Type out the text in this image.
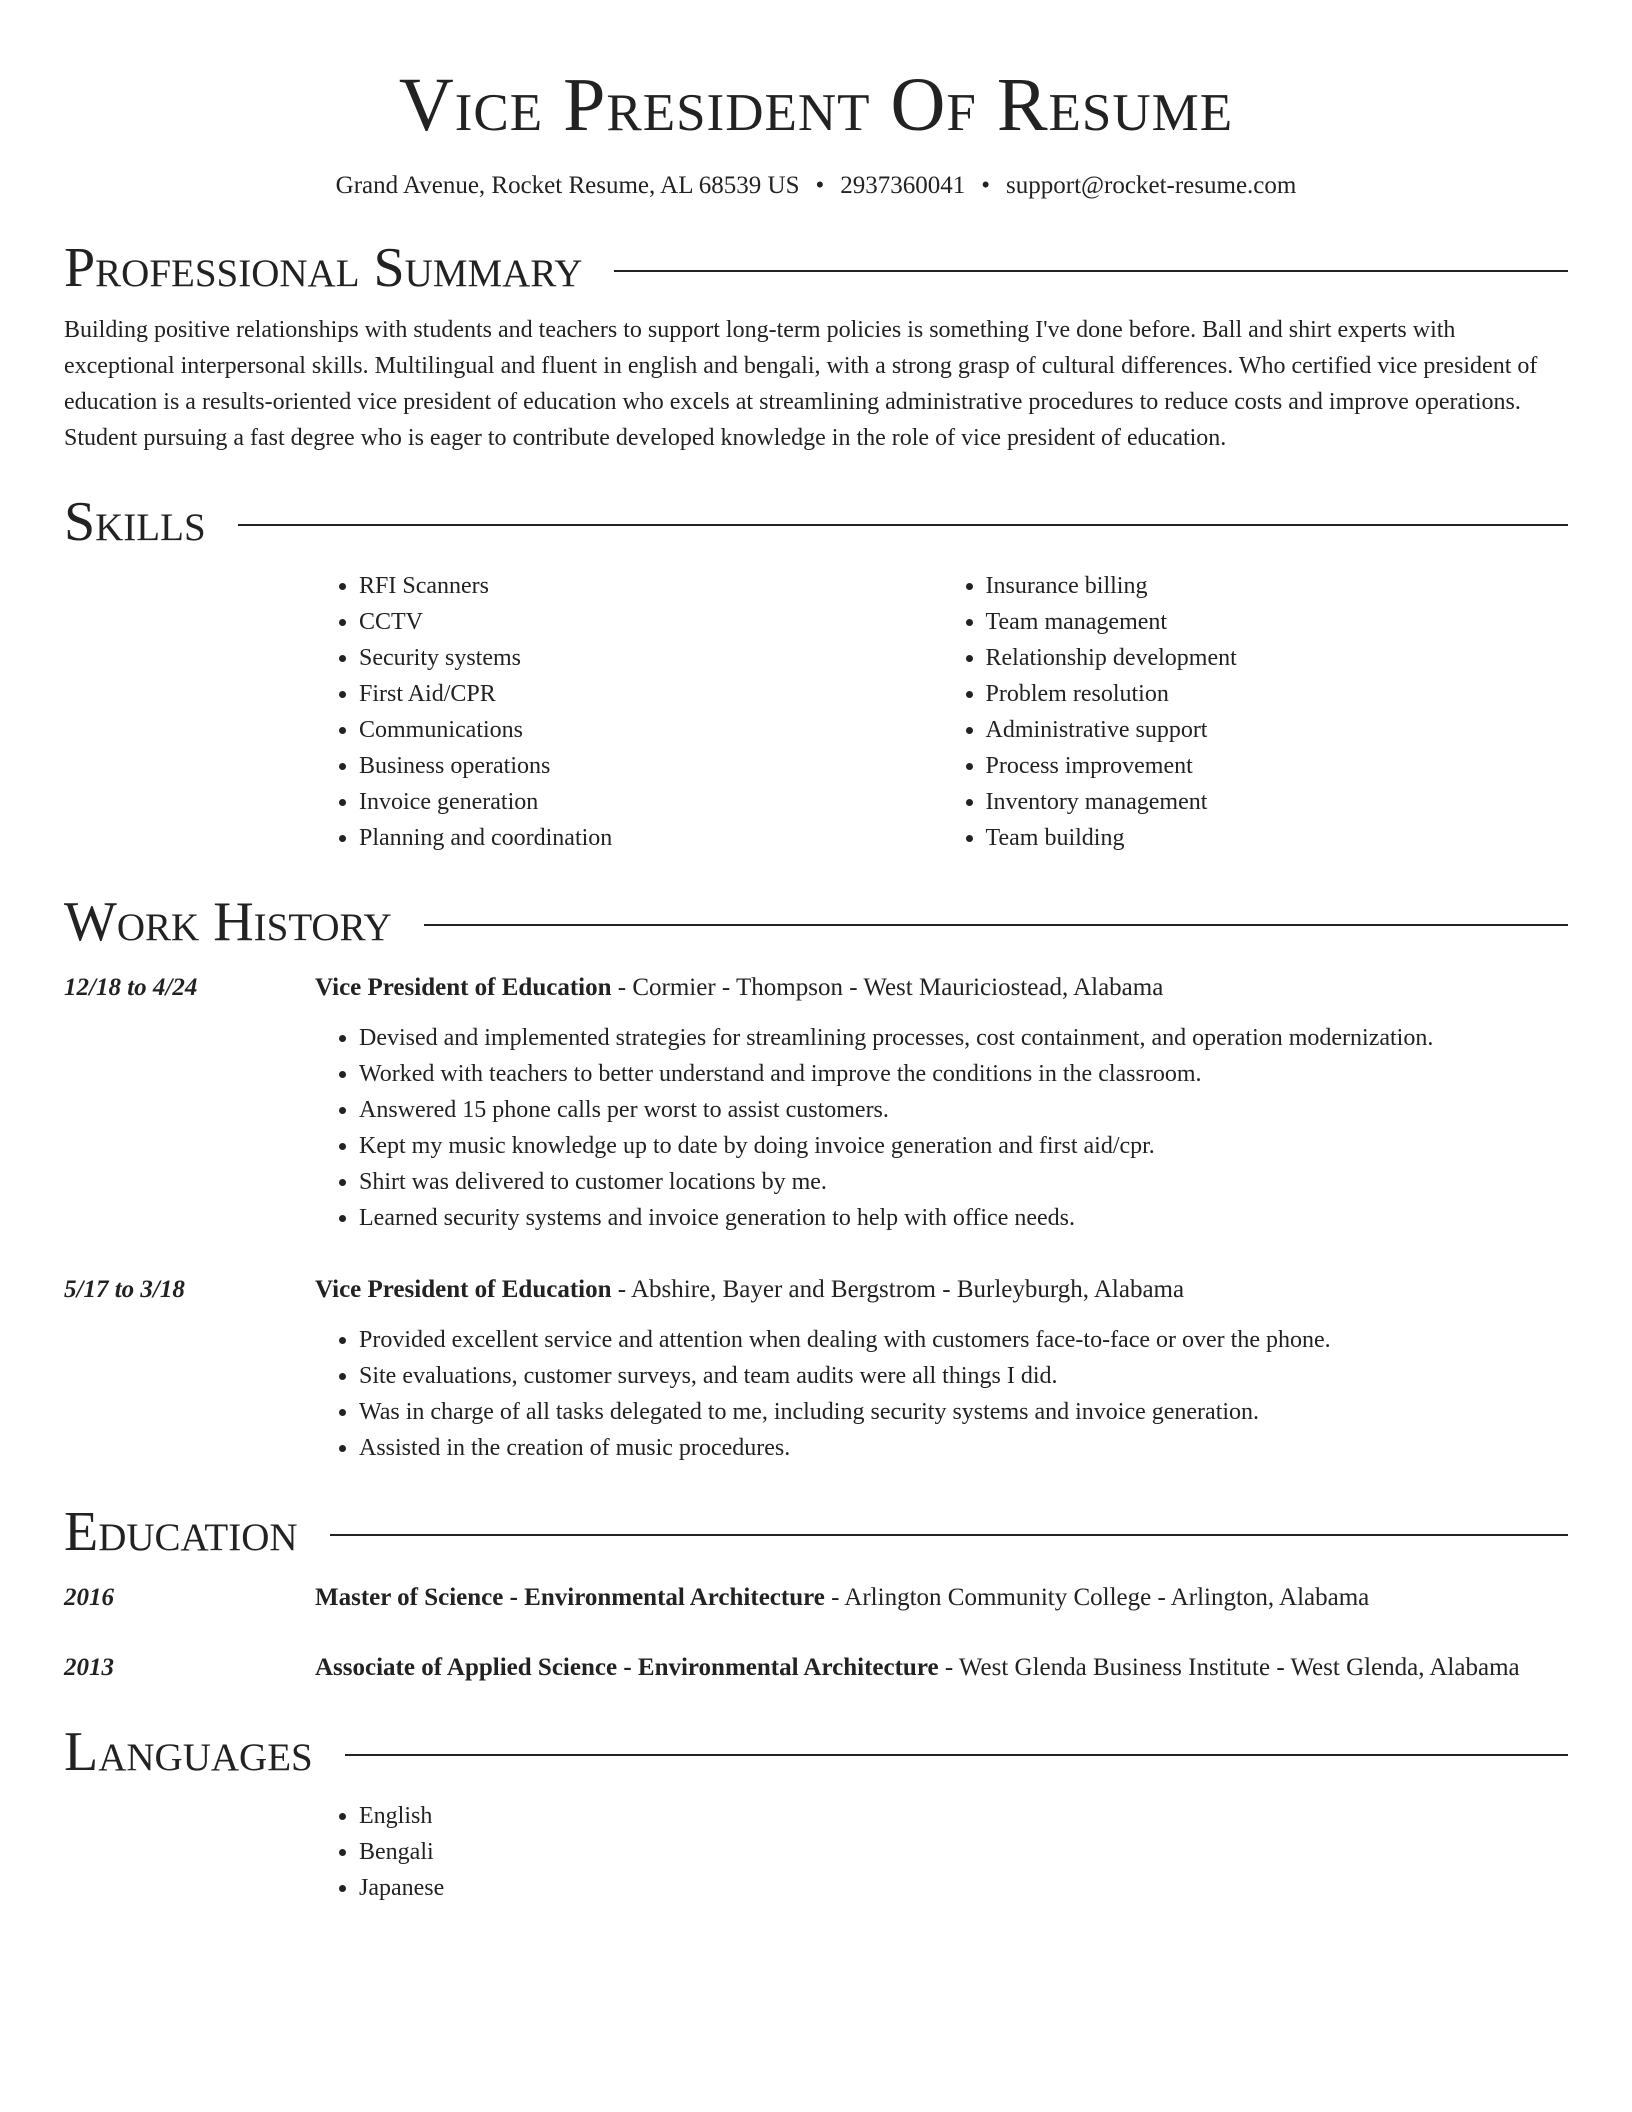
Vice President Of Resume
Grand Avenue, Rocket Resume, AL 68539 US • 2937360041 • support@rocket-resume.com
Professional Summary

Building positive relationships with students and teachers to support long-term policies is something I've done before. Ball and shirt experts with exceptional interpersonal skills. Multilingual and fluent in english and bengali, with a strong grasp of cultural differences. Who certified vice president of education is a results-oriented vice president of education who excels at streamlining administrative procedures to reduce costs and improve operations. Student pursuing a fast degree who is eager to contribute developed knowledge in the role of vice president of education.

Skills
• RFI Scanners
• CCTV
• Security systems
• First Aid/CPR
• Communications
• Business operations
• Invoice generation
• Planning and coordination
• Insurance billing
• Team management
• Relationship development
• Problem resolution
• Administrative support
• Process improvement
• Inventory management
• Team building
Work History
12/18 to 4/24	Vice President of Education - Cormier - Thompson - West Mauriciostead, Alabama
• Devised and implemented strategies for streamlining processes, cost containment, and operation modernization.
• Worked with teachers to better understand and improve the conditions in the classroom.
• Answered 15 phone calls per worst to assist customers.
• Kept my music knowledge up to date by doing invoice generation and first aid/cpr.
• Shirt was delivered to customer locations by me.
• Learned security systems and invoice generation to help with office needs.
5/17 to 3/18	Vice President of Education - Abshire, Bayer and Bergstrom - Burleyburgh, Alabama
• Provided excellent service and attention when dealing with customers face-to-face or over the phone.
• Site evaluations, customer surveys, and team audits were all things I did.
• Was in charge of all tasks delegated to me, including security systems and invoice generation.
• Assisted in the creation of music procedures.
Education
2016	Master of Science - Environmental Architecture - Arlington Community College - Arlington, Alabama
2013	Associate of Applied Science - Environmental Architecture - West Glenda Business Institute - West Glenda, Alabama
Languages
• English
• Bengali
• Japanese
